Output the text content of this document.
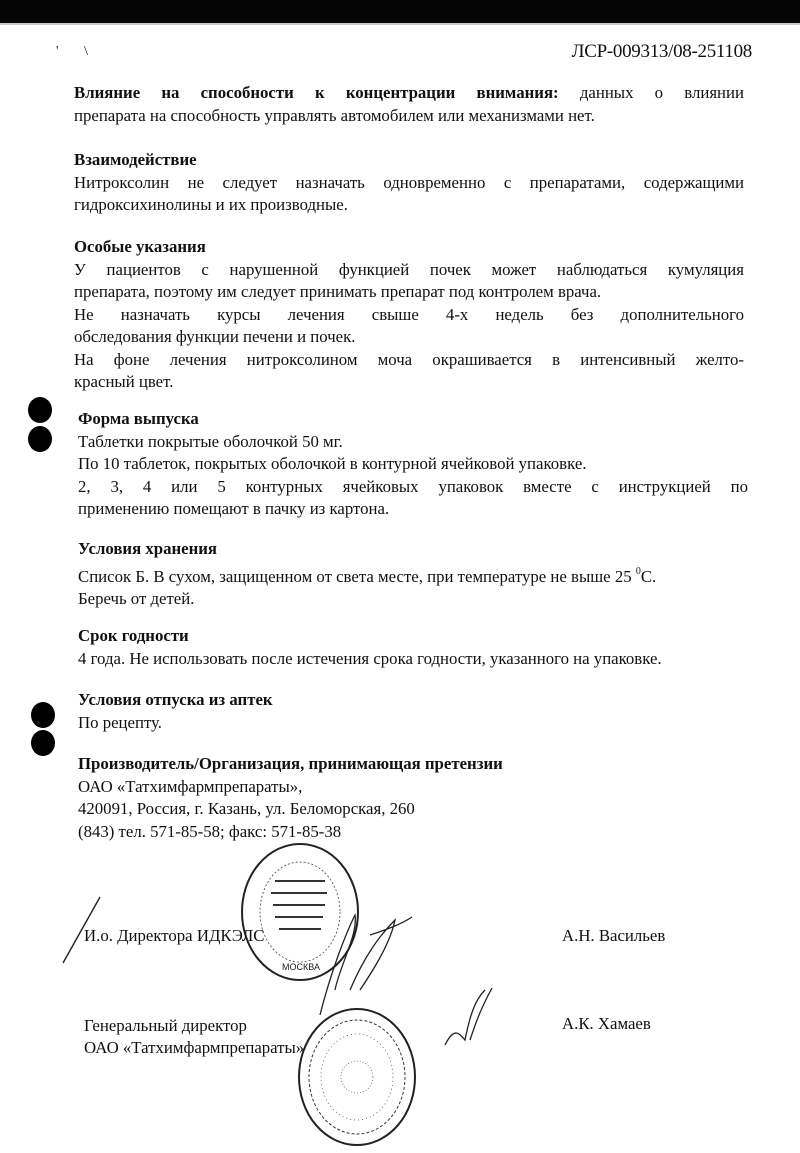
' \	ЛСР-009313/08-251108
Влияние на способности к концентрации внимания: данных о влиянии
препарата на способность управлять автомобилем или механизмами нет.
Взаимодействие
Нитроксолин не следует назначать одновременно с препаратами, содержащими
гидроксихинолины и их производные.
Особые указания
У пациентов с нарушенной функцией почек может наблюдаться кумуляция
препарата, поэтому им следует принимать препарат под контролем врача.
Не назначать курсы лечения свыше 4-х недель без дополнительного
обследования функции печени и почек.
На фоне лечения нитроксолином моча окрашивается в интенсивный желто-
красный цвет.
Форма выпуска
Таблетки покрытые оболочкой 50 мг.
По 10 таблеток, покрытых оболочкой в контурной ячейковой упаковке.
2, 3, 4 или 5 контурных ячейковых упаковок вместе с инструкцией по
применению помещают в пачку из картона.
Условия хранения
Список Б. В сухом, защищенном от света месте, при температуре не выше 25 $^0$С.
Беречь от детей.
Срок годности
4 года. Не использовать после истечения срока годности, указанного на упаковке.
Условия отпуска из аптек
По рецепту.
Производитель/Организация, принимающая претензии
ОАО «Татхимфармпрепараты»,
420091, Россия, г. Казань, ул. Беломорская, 260
(843) тел. 571-85-58; факс: 571-85-38
МОСКВА
И.о. Директора ИДКЭЛС	А.Н. Васильев
Генеральный директор
ОАО «Татхимфармпрепараты»
А.К. Хамаев
